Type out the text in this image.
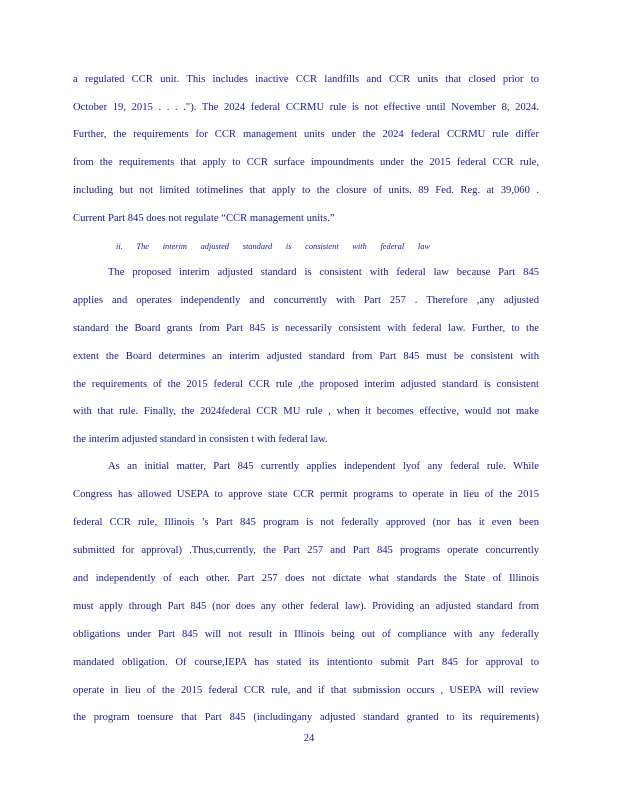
a regulated CCR unit. This includes inactive CCR landfills and CCR units that closed prior to
October 19, 2015 . . . ."). The 2024 federal CCRMU rule is not effective until November 8, 2024.
Further, the requirements for CCR management units under the 2024 federal CCRMU rule differ
from the requirements that apply to CCR surface impoundments under the 2015 federal CCR rule,
including but not limited totimelines that apply to the closure of units. 89 Fed. Reg. at 39,060 .
Current Part 845 does not regulate “CCR management units.”
ii. The interim adjusted standard is consistent with federal law
The proposed interim adjusted standard is consistent with federal law because Part 845
applies and operates independently and concurrently with Part 257 . Therefore ,any adjusted
standard the Board grants from Part 845 is necessarily consistent with federal law. Further, to the
extent the Board determines an interim adjusted standard from Part 845 must be consistent with
the requirements of the 2015 federal CCR rule ,the proposed interim adjusted standard is consistent
with that rule. Finally, the 2024federal CCR MU rule , when it becomes effective, would not make
the interim adjusted standard in consisten t with federal law.
As an initial matter, Part 845 currently applies independent lyof any federal rule. While
Congress has allowed USEPA to approve state CCR permit programs to operate in lieu of the 2015
federal CCR rule, Illinois ’s Part 845 program is not federally approved (nor has it even been
submitted for approval) .Thus,currently, the Part 257 and Part 845 programs operate concurrently
and independently of each other. Part 257 does not dictate what standards the State of Illinois
must apply through Part 845 (nor does any other federal law). Providing an adjusted standard from
obligations under Part 845 will not result in Illinois being out of compliance with any federally
mandated obligation. Of course,IEPA has stated its intentionto submit Part 845 for approval to
operate in lieu of the 2015 federal CCR rule, and if that submission occurs , USEPA will review
the program toensure that Part 845 (includingany adjusted standard granted to its requirements)
24
